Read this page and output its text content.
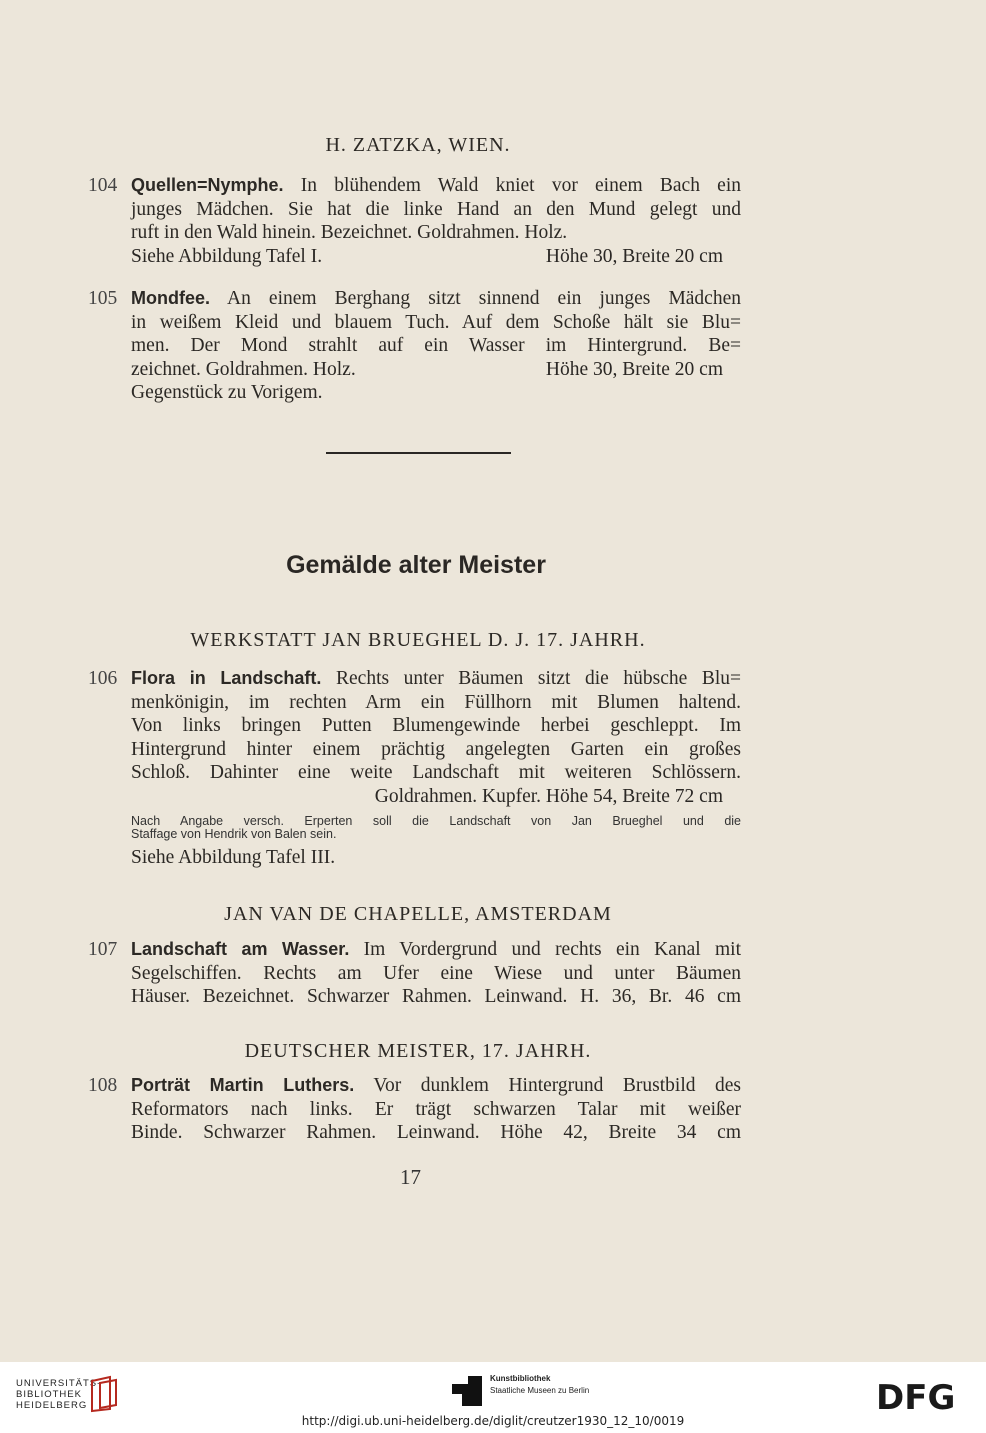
H. ZATZKA, WIEN.
104 Quellen=Nymphe. In blühendem Wald kniet vor einem Bach ein

junges Mädchen. Sie hat die linke Hand an den Mund gelegt und

ruft in den Wald hinein. Bezeichnet. Goldrahmen. Holz.

Siehe Abbildung Tafel I.	Höhe 30, Breite 20 cm
105 Mondfee. An einem Berghang sitzt sinnend ein junges Mädchen

in weißem Kleid und blauem Tuch. Auf dem Schoße hält sie Blu=

men. Der Mond strahlt auf ein Wasser im Hintergrund. Be=

zeichnet. Goldrahmen. Holz.	Höhe 30, Breite 20 cm

Gegenstück zu Vorigem.

Gemälde alter Meister
WERKSTATT JAN BRUEGHEL D. J. 17. JAHRH.
106 Flora in Landschaft. Rechts unter Bäumen sitzt die hübsche Blu=

menkönigin, im rechten Arm ein Füllhorn mit Blumen haltend.

Von links bringen Putten Blumengewinde herbei geschleppt. Im

Hintergrund hinter einem prächtig angelegten Garten ein großes

Schloß. Dahinter eine weite Landschaft mit weiteren Schlössern.

Goldrahmen. Kupfer. Höhe 54, Breite 72 cm
Nach Angabe versch. Erperten soll die Landschaft von Jan Brueghel und die
Staffage von Hendrik von Balen sein.

Siehe Abbildung Tafel III.

JAN VAN DE CHAPELLE, AMSTERDAM
107 Landschaft am Wasser. Im Vordergrund und rechts ein Kanal mit

Segelschiffen. Rechts am Ufer eine Wiese und unter Bäumen

Häuser. Bezeichnet. Schwarzer Rahmen. Leinwand. H. 36, Br. 46 cm

DEUTSCHER MEISTER, 17. JAHRH.
108 Porträt Martin Luthers. Vor dunklem Hintergrund Brustbild des

Reformators nach links. Er trägt schwarzen Talar mit weißer

Binde. Schwarzer Rahmen. Leinwand. Höhe 42, Breite 34 cm

17
UNIVERSITÄTS-
BIBLIOTHEK
HEIDELBERG
Kunstbibliothek
Staatliche Museen zu Berlin	DFG
http://digi.ub.uni-heidelberg.de/diglit/creutzer1930_12_10/0019
